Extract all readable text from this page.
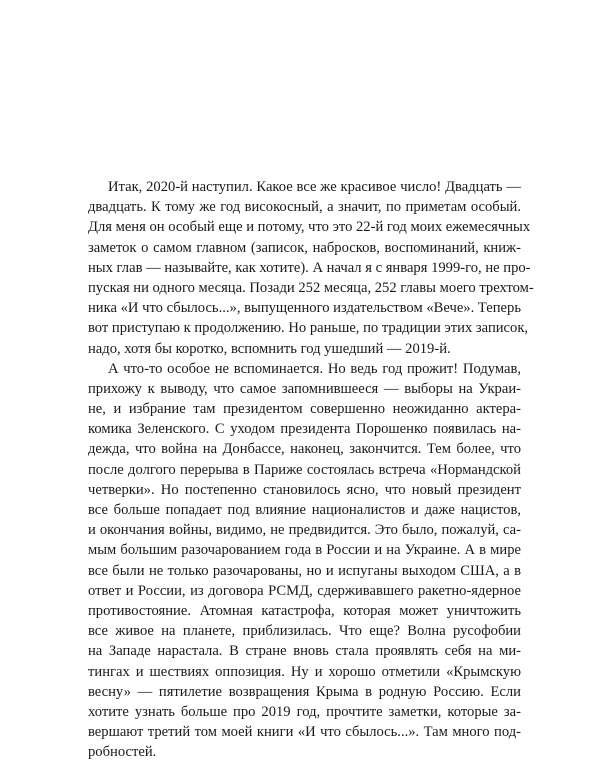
Итак, 2020-й наступил. Какое все же красивое число! Двадцать —
двадцать. К тому же год високосный, а значит, по приметам особый.
Для меня он особый еще и потому, что это 22-й год моих ежемесячных
заметок о самом главном (записок, набросков, воспоминаний, книж-
ных глав — называйте, как хотите). А начал я с января 1999-го, не про-
пуская ни одного месяца. Позади 252 месяца, 252 главы моего трехтом-
ника «И что сбылось...», выпущенного издательством «Вече». Теперь
вот приступаю к продолжению. Но раньше, по традиции этих записок,
надо, хотя бы коротко, вспомнить год ушедший — 2019-й.
А что-то особое не вспоминается. Но ведь год прожит! Подумав,
прихожу к выводу, что самое запомнившееся — выборы на Украи-
не, и избрание там президентом совершенно неожиданно актера-
комика Зеленского. С уходом президента Порошенко появилась на-
дежда, что война на Донбассе, наконец, закончится. Тем более, что
после долгого перерыва в Париже состоялась встреча «Нормандской
четверки». Но постепенно становилось ясно, что новый президент
все больше попадает под влияние националистов и даже нацистов,
и окончания войны, видимо, не предвидится. Это было, пожалуй, са-
мым большим разочарованием года в России и на Украине. А в мире
все были не только разочарованы, но и испуганы выходом США, а в
ответ и России, из договора РСМД, сдерживавшего ракетно-ядерное
противостояние. Атомная катастрофа, которая может уничтожить
все живое на планете, приблизилась. Что еще? Волна русофобии
на Западе нарастала. В стране вновь стала проявлять себя на ми-
тингах и шествиях оппозиция. Ну и хорошо отметили «Крымскую
весну» — пятилетие возвращения Крыма в родную Россию. Если
хотите узнать больше про 2019 год, прочтите заметки, которые за-
вершают третий том моей книги «И что сбылось...». Там много под-
робностей.
